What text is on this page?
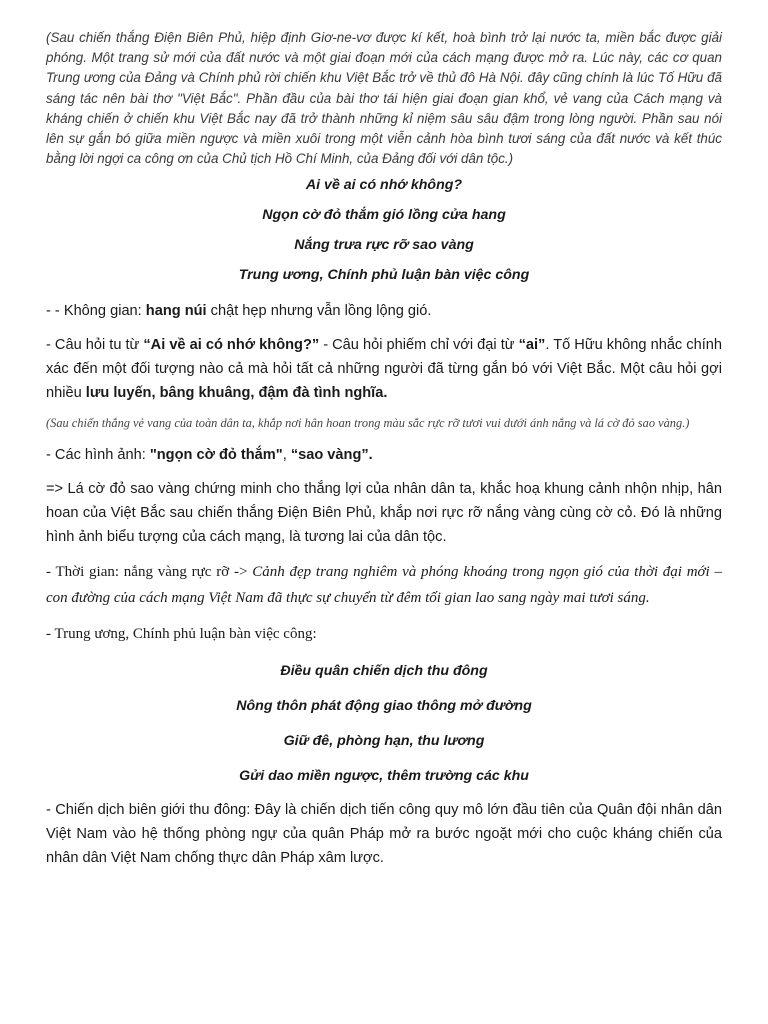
(Sau chiến thắng Điện Biên Phủ, hiệp định Giơ-ne-vơ được kí kết, hoà bình trở lại nước ta, miền bắc được giải phóng. Một trang sử mới của đất nước và một giai đoạn mới của cách mạng được mở ra. Lúc này, các cơ quan Trung ương của Đảng và Chính phủ rời chiến khu Việt Bắc trở về thủ đô Hà Nội. đây cũng chính là lúc Tố Hữu đã sáng tác nên bài thơ "Việt Bắc". Phần đầu của bài thơ tái hiện giai đoạn gian khổ, vẻ vang của Cách mạng và kháng chiến ở chiến khu Việt Bắc nay đã trở thành những kỉ niệm sâu sâu đậm trong lòng người. Phần sau nói lên sự gắn bó giữa miền ngược và miền xuôi trong một viễn cảnh hòa bình tươi sáng của đất nước và kết thúc bằng lời ngợi ca công ơn của Chủ tịch Hồ Chí Minh, của Đảng đối với dân tộc.)

Ai về ai có nhớ không?

Ngọn cờ đỏ thắm gió lồng cửa hang

Nắng trưa rực rỡ sao vàng

Trung ương, Chính phủ luận bàn việc công

- - Không gian: hang núi chật hẹp nhưng vẫn lồng lộng gió.

- Câu hỏi tu từ “Ai về ai có nhớ không?” - Câu hỏi phiếm chỉ với đại từ “ai”. Tố Hữu không nhắc chính xác đến một đối tượng nào cả mà hỏi tất cả những người đã từng gắn bó với Việt Bắc. Một câu hỏi gợi nhiều lưu luyến, bâng khuâng, đậm đà tình nghĩa.

(Sau chiến thắng vẻ vang của toàn dân ta, khắp nơi hân hoan trong màu sắc rực rỡ tươi vui dưới ánh nắng và lá cờ đỏ sao vàng.)

- Các hình ảnh: "ngọn cờ đỏ thắm", “sao vàng”.

=> Lá cờ đỏ sao vàng chứng minh cho thắng lợi của nhân dân ta, khắc hoạ khung cảnh nhộn nhịp, hân hoan của Việt Bắc sau chiến thắng Điện Biên Phủ, khắp nơi rực rỡ nắng vàng cùng cờ cỏ. Đó là những hình ảnh biểu tượng của cách mạng, là tương lai của dân tộc.

- Thời gian: nắng vàng rực rỡ -> Cảnh đẹp trang nghiêm và phóng khoáng trong ngọn gió của thời đại mới – con đường của cách mạng Việt Nam đã thực sự chuyển từ đêm tối gian lao sang ngày mai tươi sáng.

- Trung ương, Chính phủ luận bàn việc công:

Điều quân chiến dịch thu đông

Nông thôn phát động giao thông mở đường

Giữ đê, phòng hạn, thu lương

Gửi dao miền ngược, thêm trường các khu

- Chiến dịch biên giới thu đông: Đây là chiến dịch tiến công quy mô lớn đầu tiên của Quân đội nhân dân Việt Nam vào hệ thống phòng ngự của quân Pháp mở ra bước ngoặt mới cho cuộc kháng chiến của nhân dân Việt Nam chống thực dân Pháp xâm lược.
